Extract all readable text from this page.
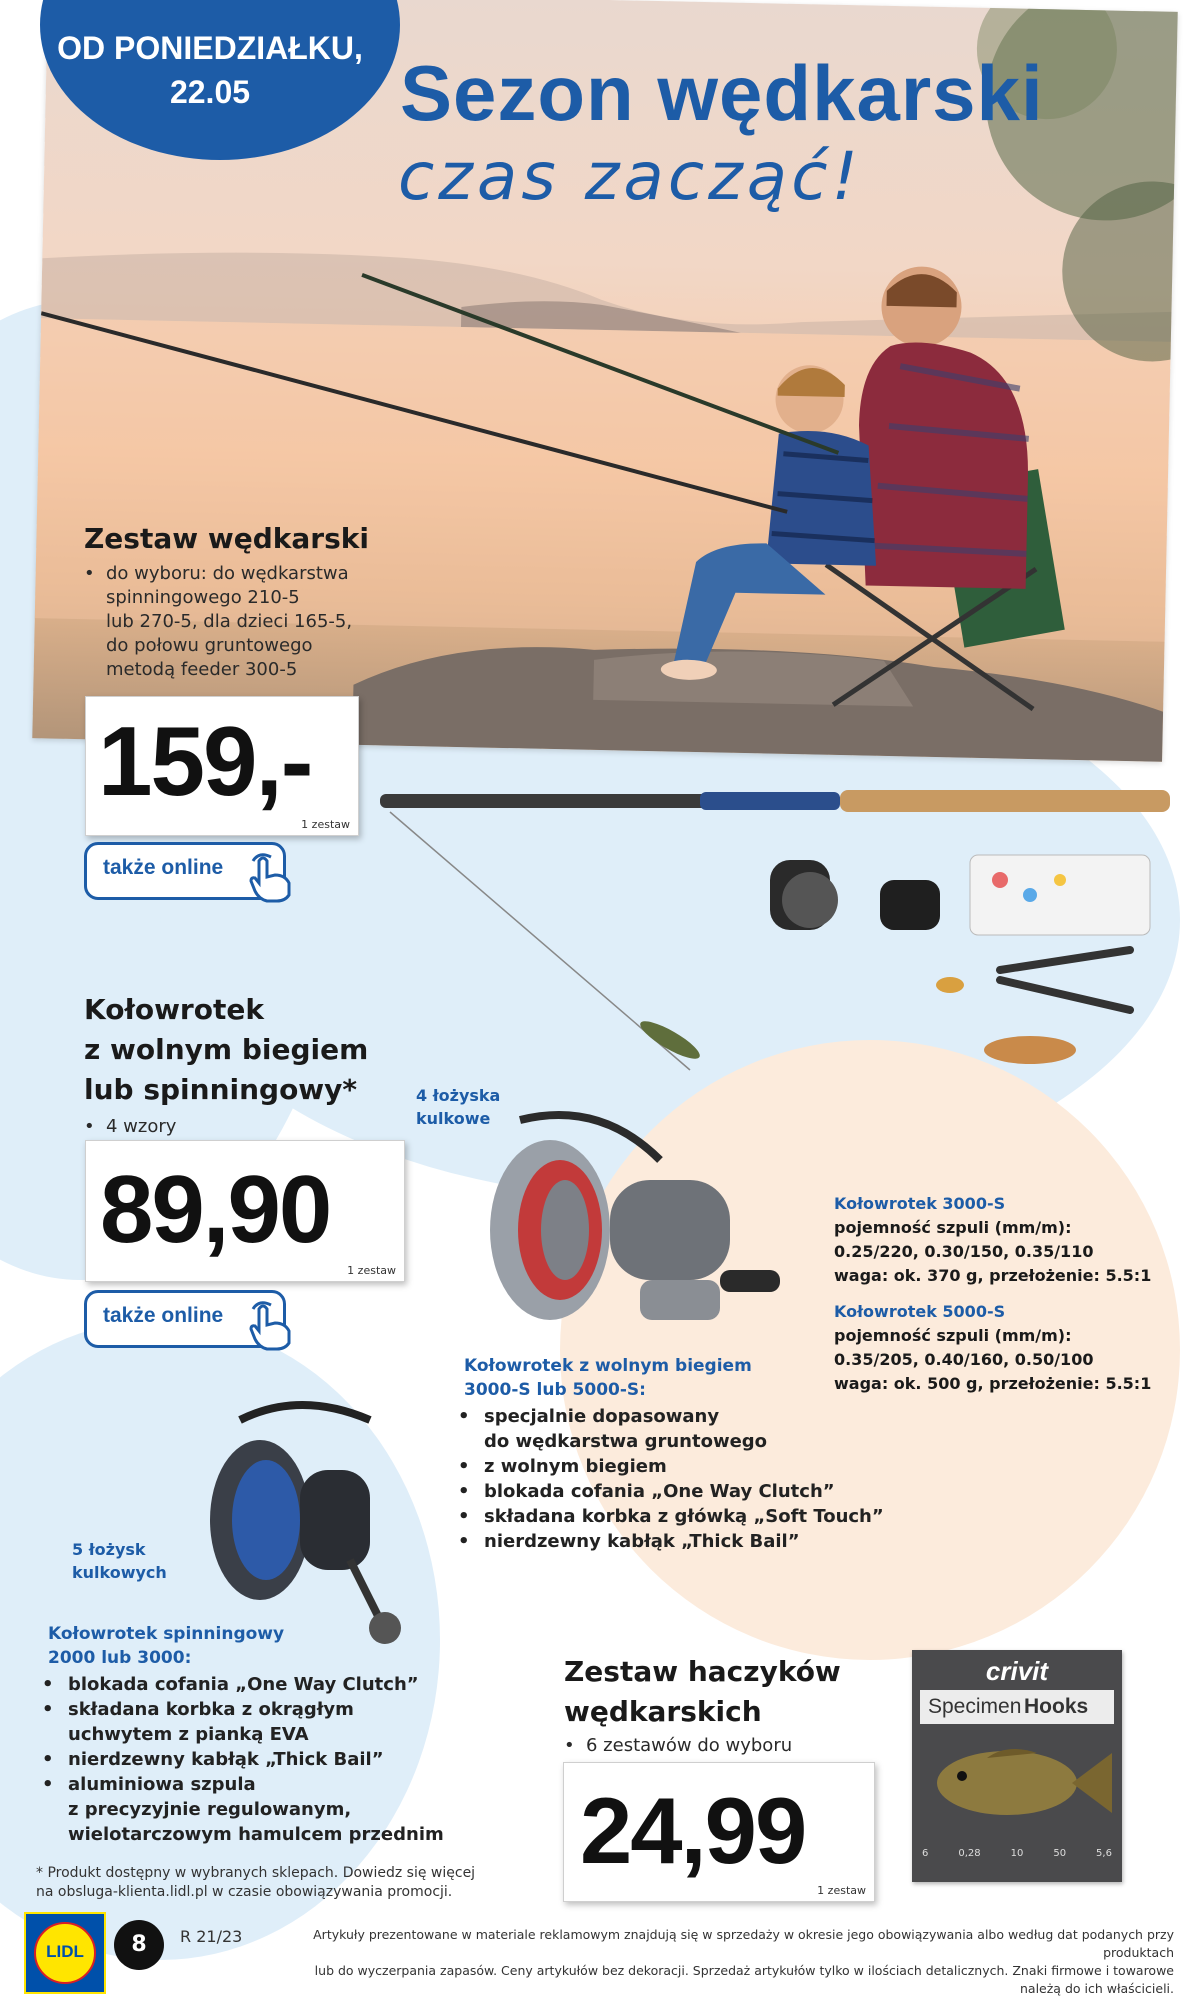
OD PONIEDZIAŁKU,
22.05	Sezon wędkarski
czas zacząć!
Zestaw wędkarski
• do wyboru: do wędkarstwa
spinningowego 210-5
lub 270-5, dla dzieci 165-5,
do połowu gruntowego
metodą feeder 300-5
159,-
1 zestaw
także online
Kołowrotek
z wolnym biegiem
lub spinningowy*
• 4 wzory
89,90
1 zestaw
także online
4 łożyska
kulkowe
Kołowrotek 3000-S
pojemność szpuli (mm/m):
0.25/220, 0.30/150, 0.35/110
waga: ok. 370 g, przełożenie: 5.5:1
Kołowrotek 5000-S
pojemność szpuli (mm/m):
0.35/205, 0.40/160, 0.50/100
waga: ok. 500 g, przełożenie: 5.5:1
Kołowrotek z wolnym biegiem
3000-S lub 5000-S:
• specjalnie dopasowany
do wędkarstwa gruntowego
• z wolnym biegiem
• blokada cofania „One Way Clutch”
• składana korbka z główką „Soft Touch”
• nierdzewny kabłąk „Thick Bail”
5 łożysk
kulkowych
Kołowrotek spinningowy
2000 lub 3000:
• blokada cofania „One Way Clutch”
• składana korbka z okrągłym
uchwytem z pianką EVA
• nierdzewny kabłąk „Thick Bail”
• aluminiowa szpula
z precyzyjnie regulowanym,
wielotarczowym hamulcem przednim
Zestaw haczyków
wędkarskich
• 6 zestawów do wyboru
24,99
1 zestaw
crivit
Specimen Hooks
6	0,28	10	50	5,6
* Produkt dostępny w wybranych sklepach. Dowiedz się więcej
na obsluga-klienta.lidl.pl w czasie obowiązywania promocji.
LIDL	8	R 21/23	Artykuły prezentowane w materiale reklamowym znajdują się w sprzedaży w okresie jego obowiązywania albo według dat podanych przy produktach
lub do wyczerpania zapasów. Ceny artykułów bez dekoracji. Sprzedaż artykułów tylko w ilościach detalicznych. Znaki firmowe i towarowe należą do ich właścicieli.
